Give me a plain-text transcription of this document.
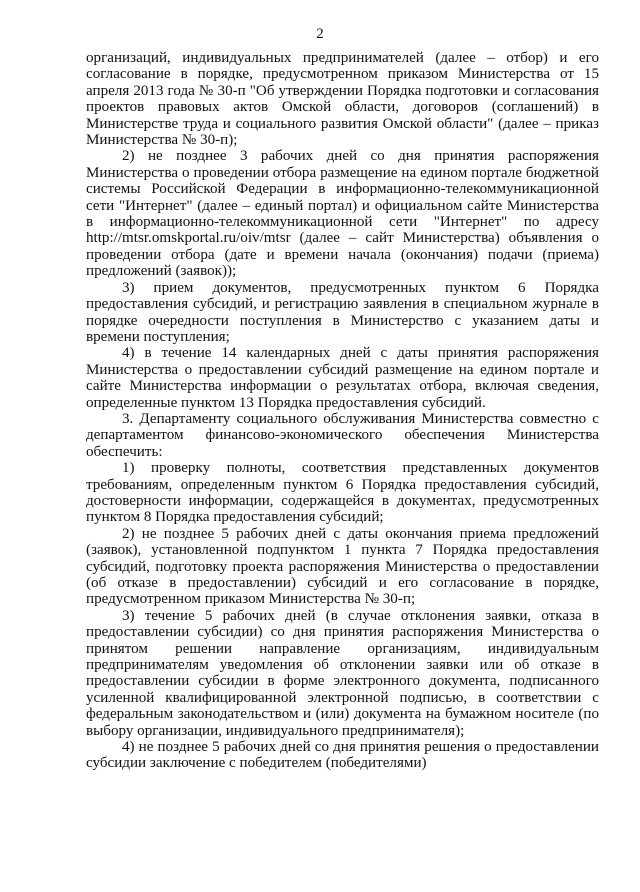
2

организаций, индивидуальных предпринимателей (далее – отбор) и его согласование в порядке, предусмотренном приказом Министерства от 15 апреля 2013 года № 30-п "Об утверждении Порядка подготовки и согласования проектов правовых актов Омской области, договоров (соглашений) в Министерстве труда и социального развития Омской области" (далее – приказ Министерства № 30-п);

2) не позднее 3 рабочих дней со дня принятия распоряжения Министерства о проведении отбора размещение на едином портале бюджетной системы Российской Федерации в информационно-телекоммуникационной сети "Интернет" (далее – единый портал) и официальном сайте Министерства в информационно-телекоммуникационной сети "Интернет" по адресу http://mtsr.omskportal.ru/oiv/mtsr (далее – сайт Министерства) объявления о проведении отбора (дате и времени начала (окончания) подачи (приема) предложений (заявок));

3) прием документов, предусмотренных пунктом 6 Порядка предоставления субсидий, и регистрацию заявления в специальном журнале в порядке очередности поступления в Министерство с указанием даты и времени поступления;

4) в течение 14 календарных дней с даты принятия распоряжения Министерства о предоставлении субсидий размещение на едином портале и сайте Министерства информации о результатах отбора, включая сведения, определенные пунктом 13 Порядка предоставления субсидий.

3. Департаменту социального обслуживания Министерства совместно с департаментом финансово-экономического обеспечения Министерства обеспечить:

1) проверку полноты, соответствия представленных документов требованиям, определенным пунктом 6 Порядка предоставления субсидий, достоверности информации, содержащейся в документах, предусмотренных пунктом 8 Порядка предоставления субсидий;

2) не позднее 5 рабочих дней с даты окончания приема предложений (заявок), установленной подпунктом 1 пункта 7 Порядка предоставления субсидий, подготовку проекта распоряжения Министерства о предоставлении (об отказе в предоставлении) субсидий и его согласование в порядке, предусмотренном приказом Министерства № 30-п;

3) течение 5 рабочих дней (в случае отклонения заявки, отказа в предоставлении субсидии) со дня принятия распоряжения Министерства о принятом решении направление организациям, индивидуальным предпринимателям уведомления об отклонении заявки или об отказе в предоставлении субсидии в форме электронного документа, подписанного усиленной квалифицированной электронной подписью, в соответствии с федеральным законодательством и (или) документа на бумажном носителе (по выбору организации, индивидуального предпринимателя);

4) не позднее 5 рабочих дней со дня принятия решения о предоставлении субсидии заключение с победителем (победителями)
